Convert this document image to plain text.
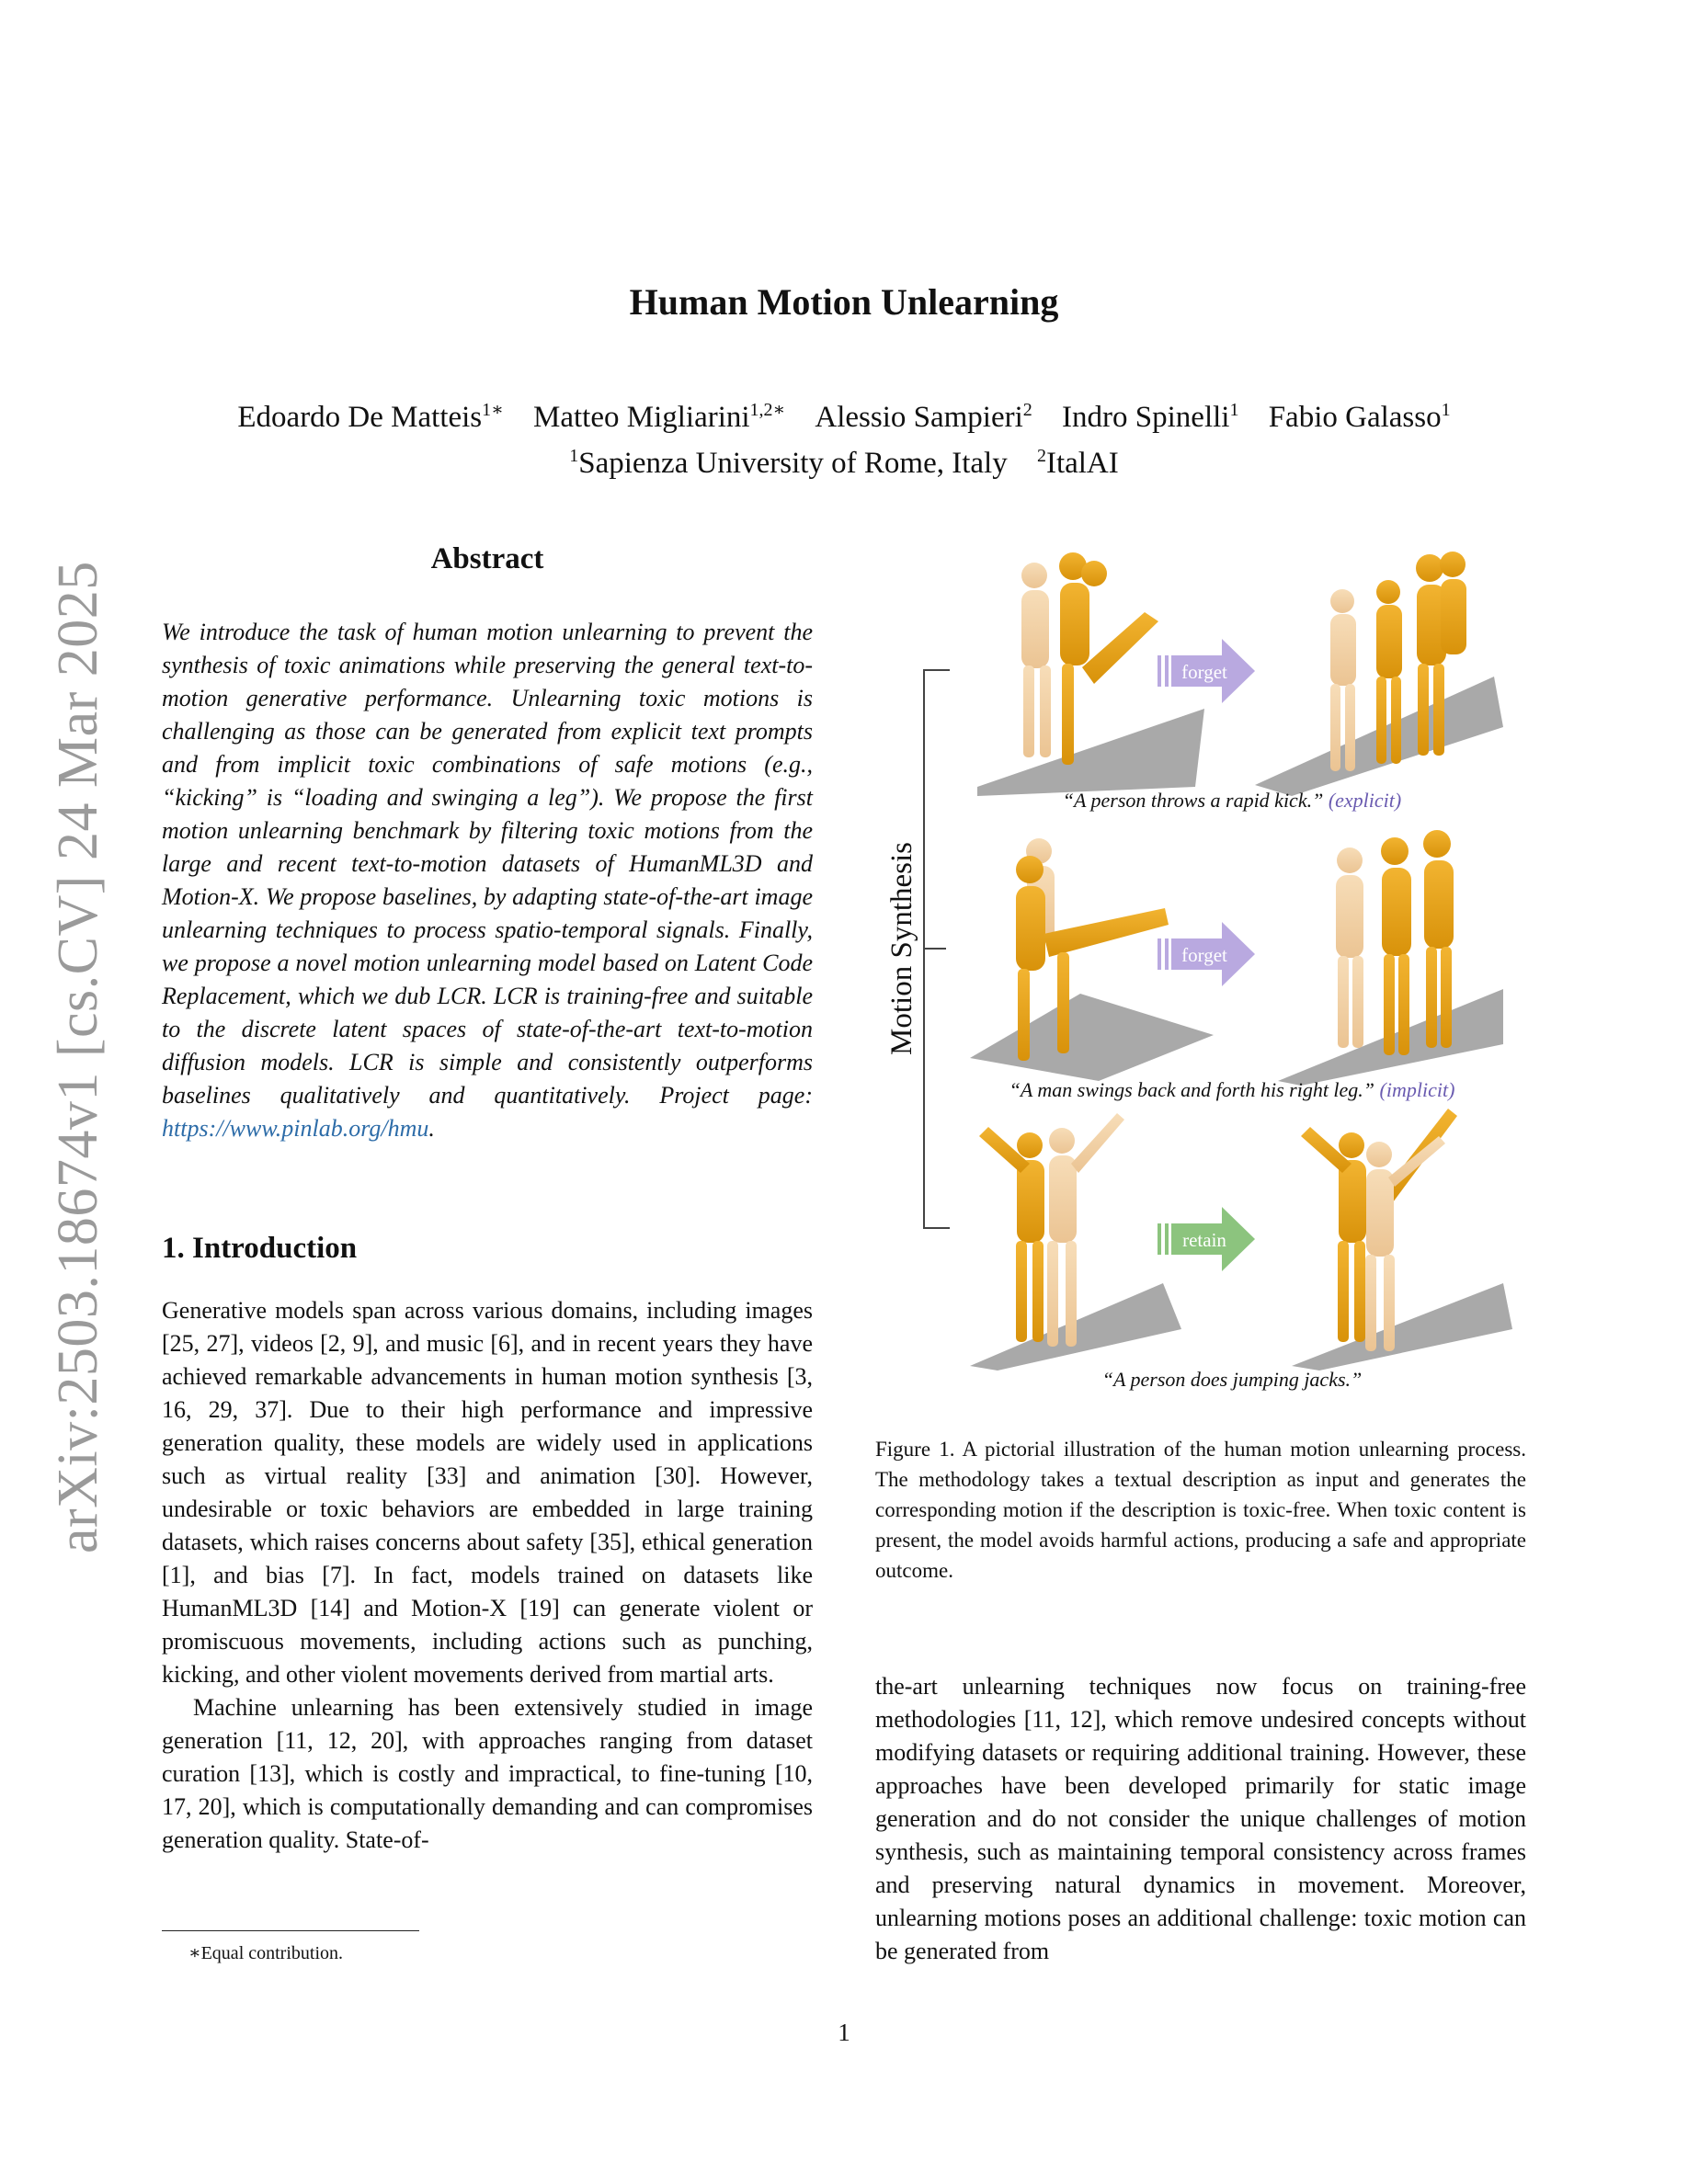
Human Motion Unlearning
Edoardo De Matteis$^{1∗}$ Matteo Migliarini$^{1,2∗}$ Alessio Sampieri$^2$ Indro Spinelli$^1$ Fabio Galasso$^1$
$^1$Sapienza University of Rome, Italy $^2$ItalAI
arXiv:2503.18674v1 [cs.CV] 24 Mar 2025
Abstract
We introduce the task of human motion unlearning to prevent the synthesis of toxic animations while preserving the general text-to-motion generative performance. Unlearning toxic motions is challenging as those can be generated from explicit text prompts and from implicit toxic combinations of safe motions (e.g., “kicking” is “loading and swinging a leg”). We propose the first motion unlearning benchmark by filtering toxic motions from the large and recent text-to-motion datasets of HumanML3D and Motion-X. We propose baselines, by adapting state-of-the-art image unlearning techniques to process spatio-temporal signals. Finally, we propose a novel motion unlearning model based on Latent Code Replacement, which we dub LCR. LCR is training-free and suitable to the discrete latent spaces of state-of-the-art text-to-motion diffusion models. LCR is simple and consistently outperforms baselines qualitatively and quantitatively. Project page: https://www.pinlab.org/hmu.
1. Introduction

Generative models span across various domains, including images [25, 27], videos [2, 9], and music [6], and in recent years they have achieved remarkable advancements in human motion synthesis [3, 16, 29, 37]. Due to their high performance and impressive generation quality, these models are widely used in applications such as virtual reality [33] and animation [30]. However, undesirable or toxic behaviors are embedded in large training datasets, which raises concerns about safety [35], ethical generation [1], and bias [7]. In fact, models trained on datasets like HumanML3D [14] and Motion-X [19] can generate violent or promiscuous movements, including actions such as punching, kicking, and other violent movements derived from martial arts.

Machine unlearning has been extensively studied in image generation [11, 12, 20], with approaches ranging from dataset curation [13], which is costly and impractical, to fine-tuning [10, 17, 20], which is computationally demanding and can compromises generation quality. State-of-

∗Equal contribution.
Motion Synthesis
forget
“A person throws a rapid kick.” (explicit)
forget
“A man swings back and forth his right leg.” (implicit)
retain
“A person does jumping jacks.”
Figure 1. A pictorial illustration of the human motion unlearning process. The methodology takes a textual description as input and generates the corresponding motion if the description is toxic-free. When toxic content is present, the model avoids harmful actions, producing a safe and appropriate outcome.

the-art unlearning techniques now focus on training-free methodologies [11, 12], which remove undesired concepts without modifying datasets or requiring additional training. However, these approaches have been developed primarily for static image generation and do not consider the unique challenges of motion synthesis, such as maintaining temporal consistency across frames and preserving natural dynamics in movement. Moreover, unlearning motions poses an additional challenge: toxic motion can be generated from

1
